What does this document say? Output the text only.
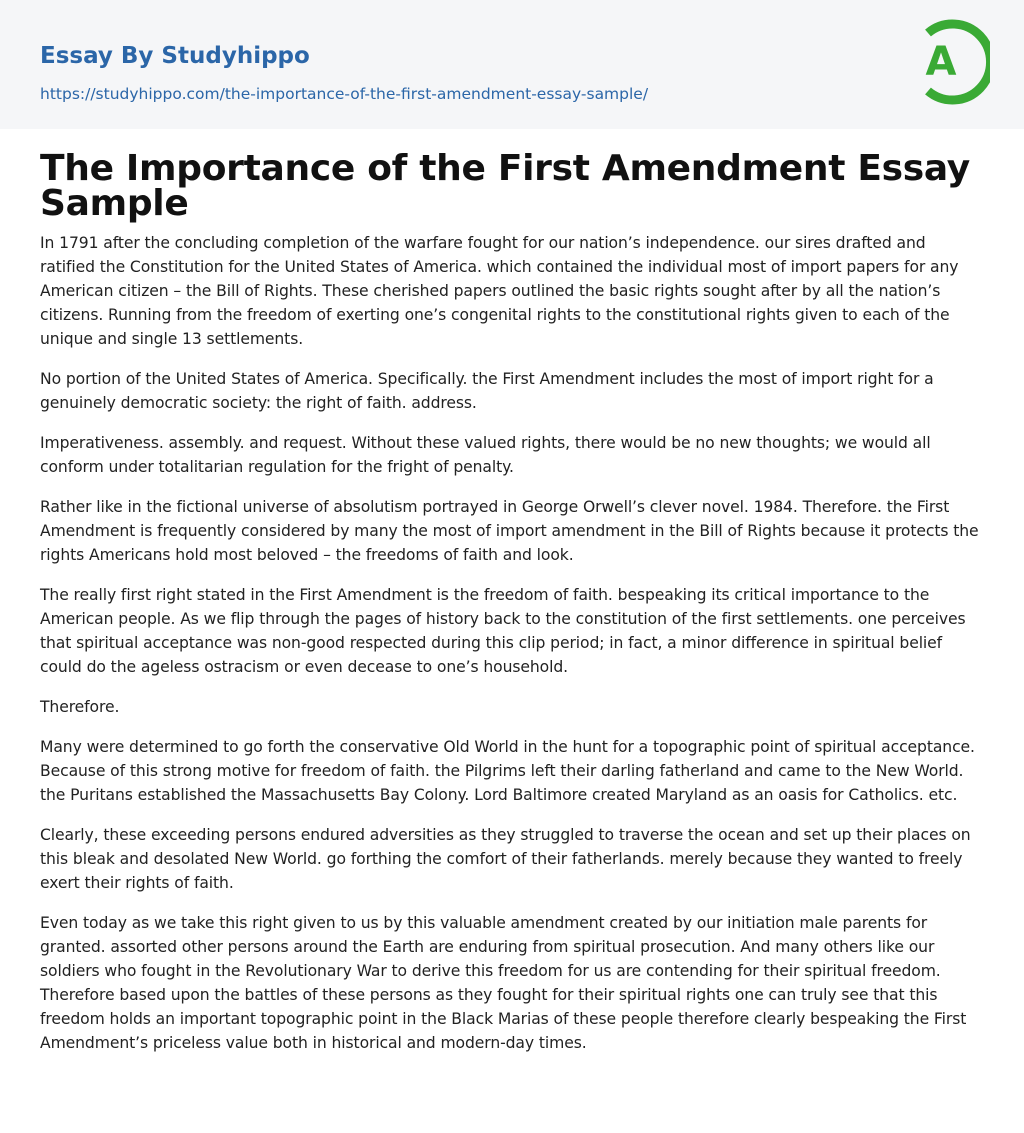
Essay By Studyhippo
https://studyhippo.com/the-importance-of-the-first-amendment-essay-sample/
A
The Importance of the First Amendment Essay Sample

In 1791 after the concluding completion of the warfare fought for our nation’s independence. our sires drafted and ratified the Constitution for the United States of America. which contained the individual most of import papers for any American citizen – the Bill of Rights. These cherished papers outlined the basic rights sought after by all the nation’s citizens. Running from the freedom of exerting one’s congenital rights to the constitutional rights given to each of the unique and single 13 settlements.

No portion of the United States of America. Specifically. the First Amendment includes the most of import right for a genuinely democratic society: the right of faith. address.

Imperativeness. assembly. and request. Without these valued rights, there would be no new thoughts; we would all conform under totalitarian regulation for the fright of penalty.

Rather like in the fictional universe of absolutism portrayed in George Orwell’s clever novel. 1984. Therefore. the First Amendment is frequently considered by many the most of import amendment in the Bill of Rights because it protects the rights Americans hold most beloved – the freedoms of faith and look.

The really first right stated in the First Amendment is the freedom of faith. bespeaking its critical importance to the American people. As we flip through the pages of history back to the constitution of the first settlements. one perceives that spiritual acceptance was non-good respected during this clip period; in fact, a minor difference in spiritual belief could do the ageless ostracism or even decease to one’s household.

Therefore.

Many were determined to go forth the conservative Old World in the hunt for a topographic point of spiritual acceptance. Because of this strong motive for freedom of faith. the Pilgrims left their darling fatherland and came to the New World. the Puritans established the Massachusetts Bay Colony. Lord Baltimore created Maryland as an oasis for Catholics. etc.

Clearly, these exceeding persons endured adversities as they struggled to traverse the ocean and set up their places on this bleak and desolated New World. go forthing the comfort of their fatherlands. merely because they wanted to freely exert their rights of faith.

Even today as we take this right given to us by this valuable amendment created by our initiation male parents for granted. assorted other persons around the Earth are enduring from spiritual prosecution. And many others like our soldiers who fought in the Revolutionary War to derive this freedom for us are contending for their spiritual freedom. Therefore based upon the battles of these persons as they fought for their spiritual rights one can truly see that this freedom holds an important topographic point in the Black Marias of these people therefore clearly bespeaking the First Amendment’s priceless value both in historical and modern-day times.
